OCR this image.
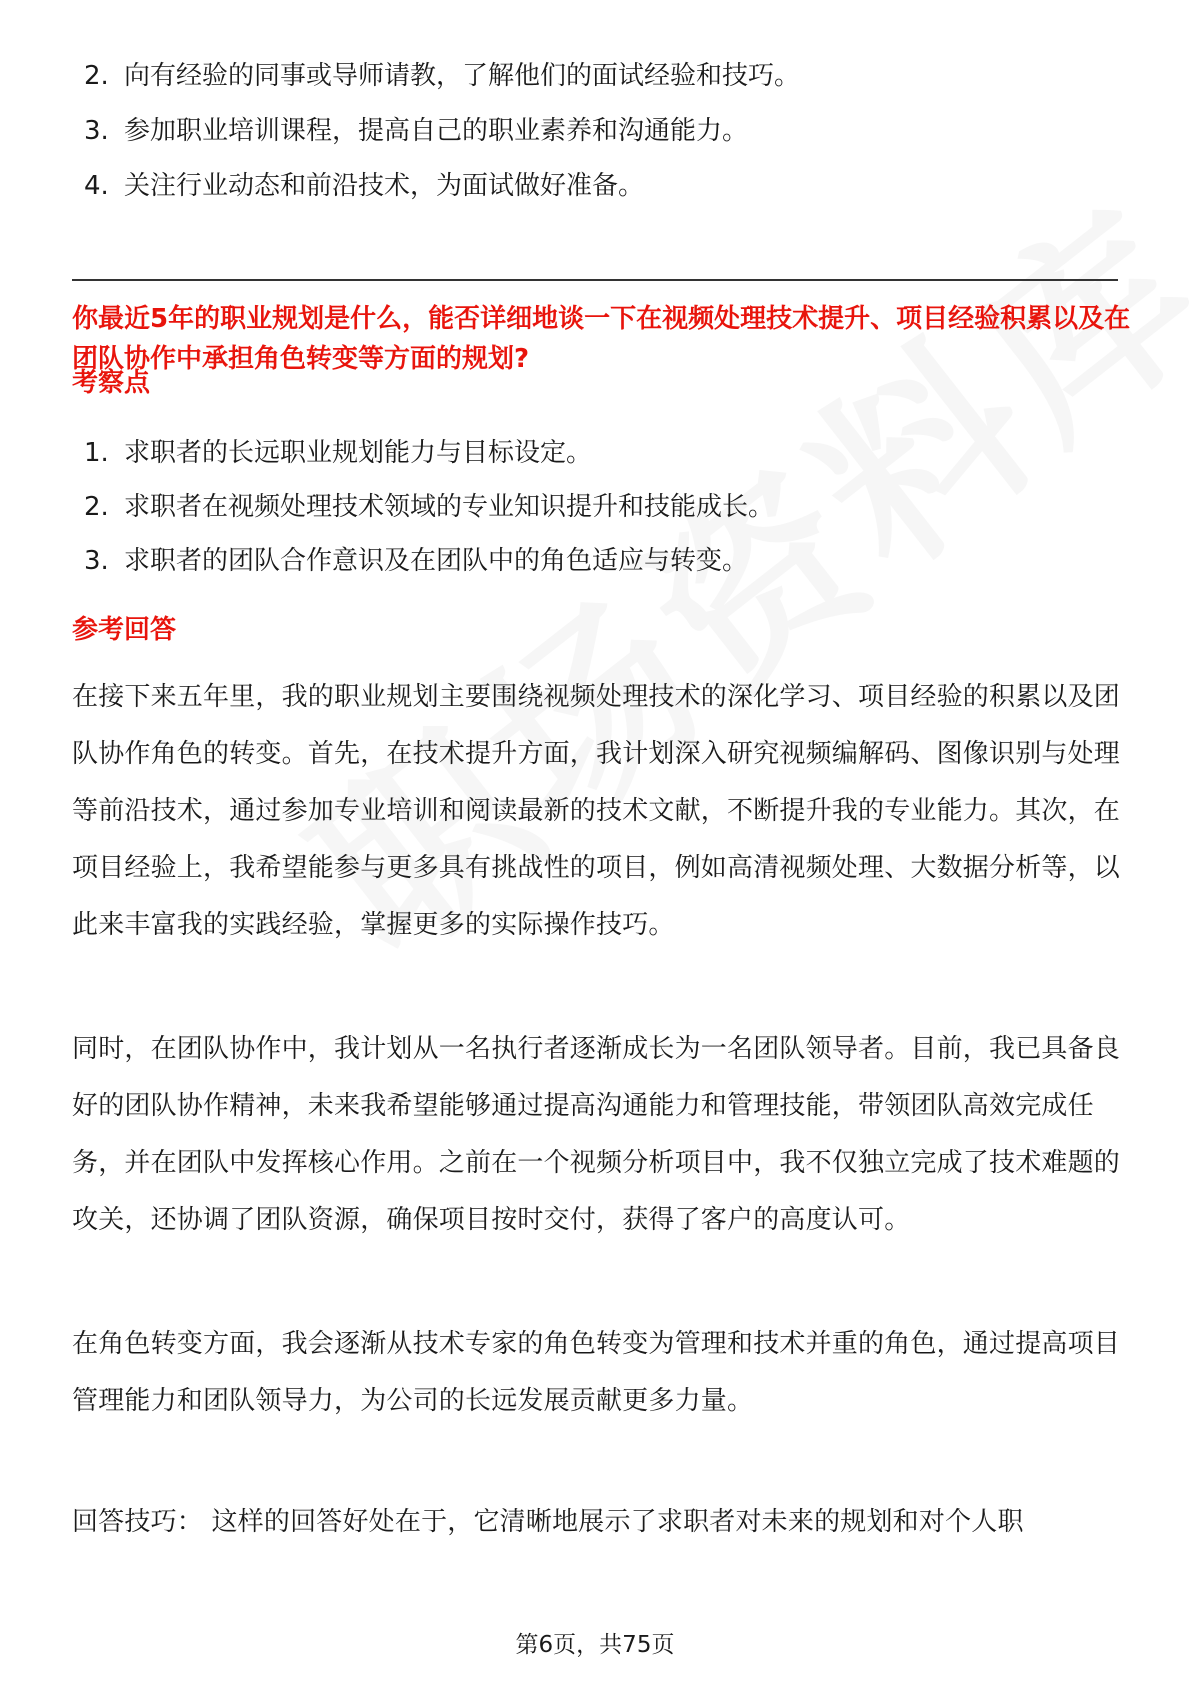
2. 向有经验的同事或导师请教，了解他们的面试经验和技巧。
3. 参加职业培训课程，提高自己的职业素养和沟通能力。
4. 关注行业动态和前沿技术，为面试做好准备。
你最近5年的职业规划是什么，能否详细地谈一下在视频处理技术提升、项目经验积累以及在团队协作中承担角色转变等方面的规划?
考察点
1. 求职者的长远职业规划能力与目标设定。
2. 求职者在视频处理技术领域的专业知识提升和技能成长。
3. 求职者的团队合作意识及在团队中的角色适应与转变。
参考回答
在接下来五年里，我的职业规划主要围绕视频处理技术的深化学习、项目经验的积累以及团队协作角色的转变。首先，在技术提升方面，我计划深入研究视频编解码、图像识别与处理等前沿技术，通过参加专业培训和阅读最新的技术文献，不断提升我的专业能力。其次，在项目经验上，我希望能参与更多具有挑战性的项目，例如高清视频处理、大数据分析等，以此来丰富我的实践经验，掌握更多的实际操作技巧。
同时，在团队协作中，我计划从一名执行者逐渐成长为一名团队领导者。目前，我已具备良好的团队协作精神，未来我希望能够通过提高沟通能力和管理技能，带领团队高效完成任务，并在团队中发挥核心作用。之前在一个视频分析项目中，我不仅独立完成了技术难题的攻关，还协调了团队资源，确保项目按时交付，获得了客户的高度认可。
在角色转变方面，我会逐渐从技术专家的角色转变为管理和技术并重的角色，通过提高项目管理能力和团队领导力，为公司的长远发展贡献更多力量。
回答技巧： 这样的回答好处在于，它清晰地展示了求职者对未来的规划和对个人职
第6页，共75页
